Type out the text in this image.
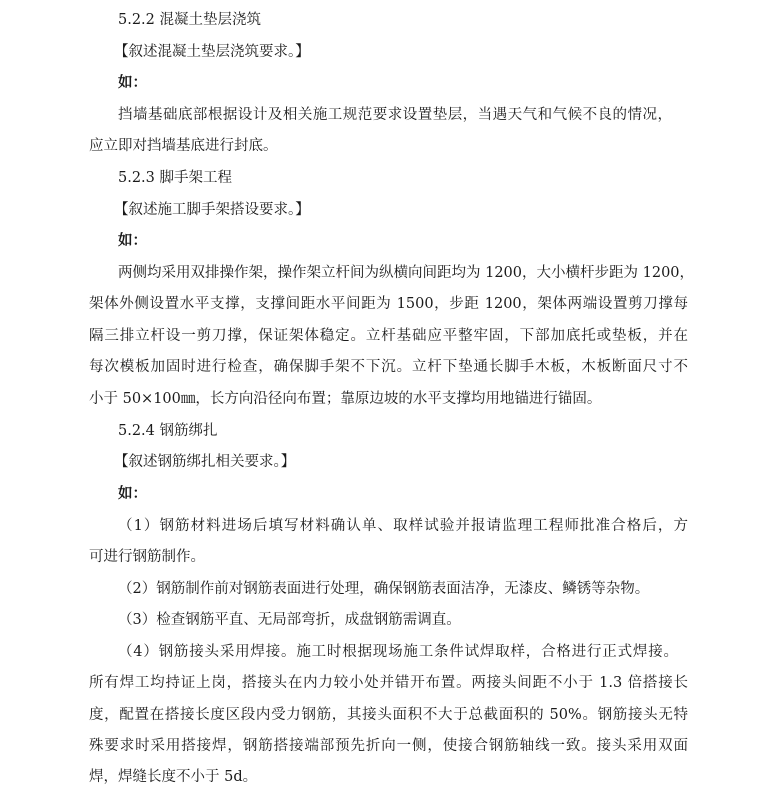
5.2.2 混凝土垫层浇筑
【叙述混凝土垫层浇筑要求。】
如：
挡墙基础底部根据设计及相关施工规范要求设置垫层，当遇天气和气候不良的情况，
应立即对挡墙基底进行封底。
5.2.3 脚手架工程
【叙述施工脚手架搭设要求。】
如：
两侧均采用双排操作架，操作架立杆间为纵横向间距均为 1200，大小横杆步距为 1200，
架体外侧设置水平支撑，支撑间距水平间距为 1500，步距 1200，架体两端设置剪刀撑每
隔三排立杆设一剪刀撑，保证架体稳定。立杆基础应平整牢固，下部加底托或垫板，并在
每次模板加固时进行检查，确保脚手架不下沉。立杆下垫通长脚手木板，木板断面尺寸不
小于 50×100㎜，长方向沿径向布置；靠原边坡的水平支撑均用地锚进行锚固。
5.2.4 钢筋绑扎
【叙述钢筋绑扎相关要求。】
如：
（1）钢筋材料进场后填写材料确认单、取样试验并报请监理工程师批准合格后，方
可进行钢筋制作。
（2）钢筋制作前对钢筋表面进行处理，确保钢筋表面洁净，无漆皮、鳞锈等杂物。
（3）检查钢筋平直、无局部弯折，成盘钢筋需调直。
（4）钢筋接头采用焊接。施工时根据现场施工条件试焊取样，合格进行正式焊接。
所有焊工均持证上岗，搭接头在内力较小处并错开布置。两接头间距不小于 1.3 倍搭接长
度，配置在搭接长度区段内受力钢筋，其接头面积不大于总截面积的 50%。钢筋接头无特
殊要求时采用搭接焊，钢筋搭接端部预先折向一侧，使接合钢筋轴线一致。接头采用双面
焊，焊缝长度不小于 5d。
